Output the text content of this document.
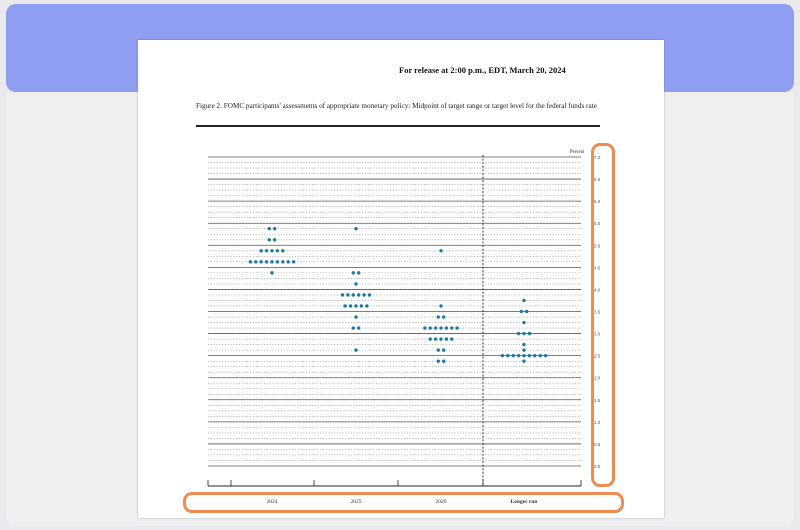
For release at 2:00 p.m., EDT, March 20, 2024
Figure 2. FOMC participants' assessments of appropriate monetary policy: Midpoint of target range or target level for the federal funds rate
7.0
6.5
6.0
5.5
5.0
4.5
4.0
3.5
3.0
2.5
2.0
1.5
1.0
0.5
0.0
Percent
2024	2025	2026	Longer run
